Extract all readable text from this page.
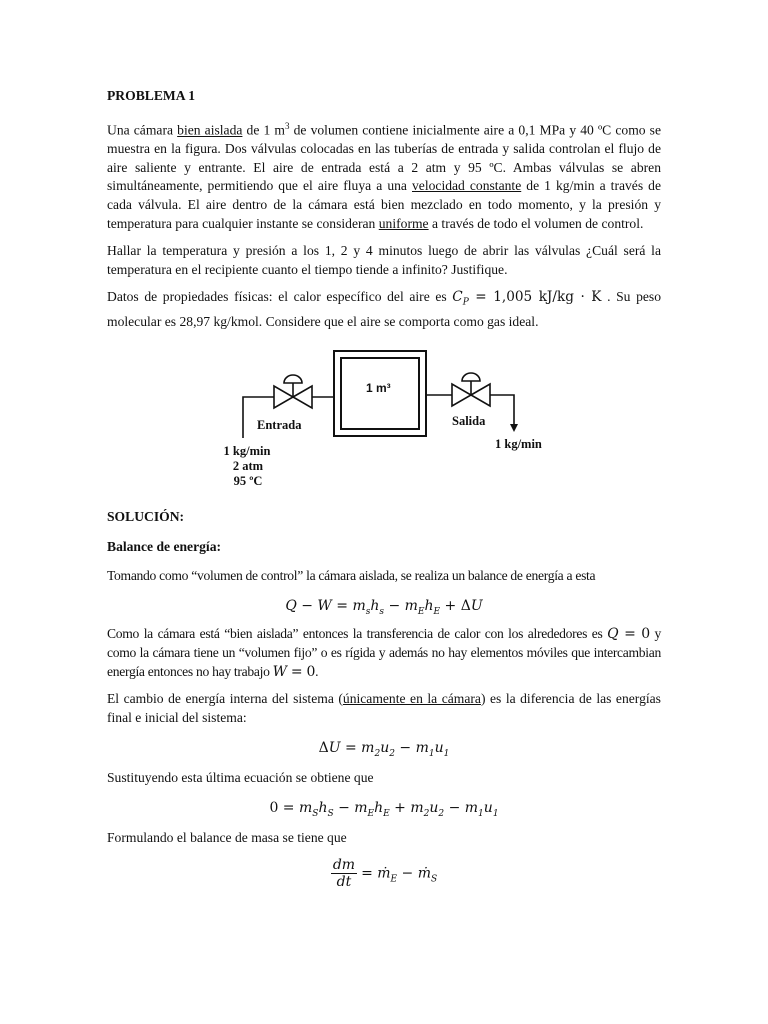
PROBLEMA 1

Una cámara bien aislada de 1 $m^3$ de volumen contiene inicialmente aire a 0,1 MPa y 40 ºC como se muestra en la figura. Dos válvulas colocadas en las tuberías de entrada y salida controlan el flujo de aire saliente y entrante. El aire de entrada está a 2 atm y 95 ºC. Ambas válvulas se abren simultáneamente, permitiendo que el aire fluya a una velocidad constante de 1 kg/min a través de cada válvula. El aire dentro de la cámara está bien mezclado en todo momento, y la presión y temperatura para cualquier instante se consideran uniforme a través de todo el volumen de control.

Hallar la temperatura y presión a los 1, 2 y 4 minutos luego de abrir las válvulas ¿Cuál será la temperatura en el recipiente cuanto el tiempo tiende a infinito? Justifique.

Datos de propiedades físicas: el calor específico del aire es $C_P = 1,005$ kJ/kg · K . Su peso molecular es 28,97 kg/kmol. Considere que el aire se comporta como gas ideal.

1 m³
Entrada	Salida
1 kg/min
2 atm
95 ºC
1 kg/min

SOLUCIÓN:

Balance de energía:

Tomando como “volumen de control” la cámara aislada, se realiza un balance de energía a esta

$Q - W = m_sh_s - m_Eh_E + \Delta U$

Como la cámara está “bien aislada” entonces la transferencia de calor con los alrededores es Q = 0 y como la cámara tiene un “volumen fijo” o es rígida y además no hay elementos móviles que intercambian energía entonces no hay trabajo W = 0.

El cambio de energía interna del sistema (únicamente en la cámara) es la diferencia de las energías final e inicial del sistema:

$\Delta U = m_2u_2 - m_1u_1$

Sustituyendo esta última ecuación se obtiene que

$0 = m_Sh_S - m_Eh_E + m_2u_2 - m_1u_1$

Formulando el balance de masa se tiene que

$\frac{dm}{dt}$ = ṁ$_E$ − ṁ$_S$
